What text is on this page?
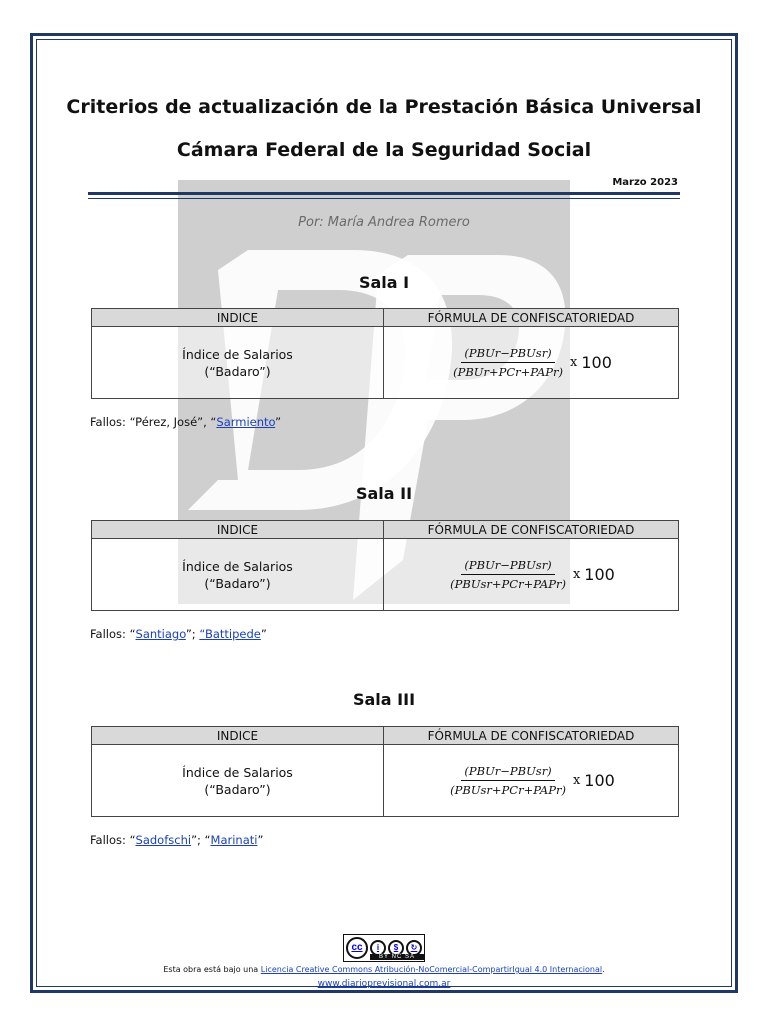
Criterios de actualización de la Prestación Básica Universal
Cámara Federal de la Seguridad Social
Marzo 2023
Por: María Andrea Romero
Sala I
INDICE	FÓRMULA DE CONFISCATORIEDAD

Índice de Salarios
(“Badaro”)	$\frac{\text{(PBUr−PBUsr)}}{\text{(PBUr+PCr+PAPr)}}$ x 100
Fallos: “Pérez, José”, “Sarmiento”
Sala II
INDICE	FÓRMULA DE CONFISCATORIEDAD

Índice de Salarios
(“Badaro”)	$\frac{\text{(PBUr−PBUsr)}}{\text{(PBUsr+PCr+PAPr)}}$ x 100
Fallos: “Santiago”; “Battipede”
Sala III
INDICE	FÓRMULA DE CONFISCATORIEDAD

Índice de Salarios
(“Badaro”)	$\frac{\text{(PBUr−PBUsr)}}{\text{(PBUsr+PCr+PAPr)}}$ x 100
Fallos: “Sadofschi”; “Marinati”
cc	i	$	↻
BY NC SA
Esta obra está bajo una Licencia Creative Commons Atribución-NoComercial-CompartirIgual 4.0 Internacional.
www.diarioprevisional.com.ar
